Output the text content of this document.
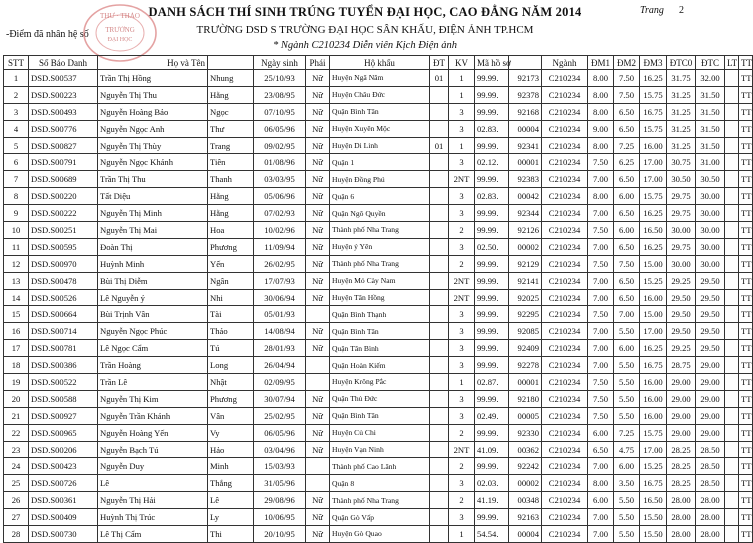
DANH SÁCH THÍ SINH TRÚNG TUYỂN ĐẠI HỌC, CAO ĐẲNG NĂM 2014	Trang 2
TRƯỜNG DSD S TRƯỜNG ĐẠI HỌC SÂN KHẤU, ĐIỆN ẢNH TP.HCM
* Ngành C210234 Diễn viên Kịch Điện ảnh
-Điểm đã nhân hệ số
THƯ · THẢO
TRƯỜNG
ĐẠI HỌC
STT	Số Báo Danh	Họ và Tên		Ngày sinh	Phái	Hộ khẩu	ĐT	KV	Mã hồ sơ		Ngành	ĐM1	ĐM2	ĐM3	ĐTC0	ĐTC	LT	TT
1	DSD.S00537	Trần Thị Hồng	Nhung	25/10/93	Nữ	Huyện Ngã Năm	01	1	99.99.	92173	C210234	8.00	7.50	16.25	31.75	32.00		TT
2	DSD.S00223	Nguyễn Thị Thu	Hằng	23/08/95	Nữ	Huyện Châu Đức		1	99.99.	92378	C210234	8.00	7.50	15.75	31.25	31.50		TT
3	DSD.S00493	Nguyễn Hoàng Bảo	Ngọc	07/10/95	Nữ	Quận Bình Tân		3	99.99.	92168	C210234	8.00	6.50	16.75	31.25	31.50		TT
4	DSD.S00776	Nguyễn Ngọc Anh	Thư	06/05/96	Nữ	Huyện Xuyên Mộc		3	02.83.	00004	C210234	9.00	6.50	15.75	31.25	31.50		TT
5	DSD.S00827	Nguyễn Thị Thùy	Trang	09/02/95	Nữ	Huyện Di Linh	01	1	99.99.	92341	C210234	8.00	7.25	16.00	31.25	31.50		TT
6	DSD.S00791	Nguyễn Ngọc Khánh	Tiên	01/08/96	Nữ	Quận 1		3	02.12.	00001	C210234	7.50	6.25	17.00	30.75	31.00		TT
7	DSD.S00689	Trần Thị Thu	Thanh	03/03/95	Nữ	Huyện Đồng Phú		2NT	99.99.	92383	C210234	7.00	6.50	17.00	30.50	30.50		TT
8	DSD.S00220	Tất Diệu	Hằng	05/06/96	Nữ	Quận 6		3	02.83.	00042	C210234	8.00	6.00	15.75	29.75	30.00		TT
9	DSD.S00222	Nguyễn Thị Minh	Hằng	07/02/93	Nữ	Quận Ngô Quyền		3	99.99.	92344	C210234	7.00	6.50	16.25	29.75	30.00		TT
10	DSD.S00251	Nguyễn Thị Mai	Hoa	10/02/96	Nữ	Thành phố Nha Trang		2	99.99.	92126	C210234	7.50	6.00	16.50	30.00	30.00		TT
11	DSD.S00595	Đoàn Thị	Phương	11/09/94	Nữ	Huyện ý Yên		3	02.50.	00002	C210234	7.00	6.50	16.25	29.75	30.00		TT
12	DSD.S00970	Huỳnh Minh	Yến	26/02/95	Nữ	Thành phố Nha Trang		2	99.99.	92129	C210234	7.50	7.50	15.00	30.00	30.00		TT
13	DSD.S00478	Bùi Thị Diễm	Ngân	17/07/93	Nữ	Huyện Mỏ Cày Nam		2NT	99.99.	92141	C210234	7.00	6.50	15.25	29.25	29.50		TT
14	DSD.S00526	Lê Nguyễn ý	Nhi	30/06/94	Nữ	Huyện Tân Hồng		2NT	99.99.	92025	C210234	7.00	6.50	16.00	29.50	29.50		TT
15	DSD.S00664	Bùi Trịnh Vân	Tài	05/01/93		Quận Bình Thạnh		3	99.99.	92295	C210234	7.50	7.00	15.00	29.50	29.50		TT
16	DSD.S00714	Nguyễn Ngọc Phúc	Thảo	14/08/94	Nữ	Quận Bình Tân		3	99.99.	92085	C210234	7.00	5.50	17.00	29.50	29.50		TT
17	DSD.S00781	Lê Ngọc Cẩm	Tú	28/01/93	Nữ	Quận Tân Bình		3	99.99.	92409	C210234	7.00	6.00	16.25	29.25	29.50		TT
18	DSD.S00386	Trần Hoàng	Long	26/04/94		Quận Hoàn Kiếm		3	99.99.	92278	C210234	7.00	5.50	16.75	28.75	29.00		TT
19	DSD.S00522	Trần Lê	Nhật	02/09/95		Huyện Krông Pắc		1	02.87.	00001	C210234	7.50	5.50	16.00	29.00	29.00		TT
20	DSD.S00588	Nguyễn Thị Kim	Phương	30/07/94	Nữ	Quận Thủ Đức		3	99.99.	92180	C210234	7.50	5.50	16.00	29.00	29.00		TT
21	DSD.S00927	Nguyễn Trần Khánh	Vân	25/02/95	Nữ	Quận Bình Tân		3	02.49.	00005	C210234	7.50	5.50	16.00	29.00	29.00		TT
22	DSD.S00965	Nguyễn Hoàng Yến	Vy	06/05/96	Nữ	Huyện Củ Chi		2	99.99.	92330	C210234	6.00	7.25	15.75	29.00	29.00		TT
23	DSD.S00206	Nguyễn Bạch Tú	Hảo	03/04/96	Nữ	Huyện Vạn Ninh		2NT	41.09.	00362	C210234	6.50	4.75	17.00	28.25	28.50		TT
24	DSD.S00423	Nguyễn Duy	Minh	15/03/93		Thành phố Cao Lãnh		2	99.99.	92242	C210234	7.00	6.00	15.25	28.25	28.50		TT
25	DSD.S00726	Lê	Thắng	31/05/96		Quận 8		3	02.03.	00002	C210234	8.00	3.50	16.75	28.25	28.50		TT
26	DSD.S00361	Nguyễn Thị Hải	Lê	29/08/96	Nữ	Thành phố Nha Trang		2	41.19.	00348	C210234	6.00	5.50	16.50	28.00	28.00		TT
27	DSD.S00409	Huỳnh Thị Trúc	Ly	10/06/95	Nữ	Quận Gò Vấp		3	99.99.	92163	C210234	7.00	5.50	15.50	28.00	28.00		TT
28	DSD.S00730	Lê Thị Cẩm	Thi	20/10/95	Nữ	Huyện Gò Quao		1	54.54.	00004	C210234	7.00	5.50	15.50	28.00	28.00		TT
